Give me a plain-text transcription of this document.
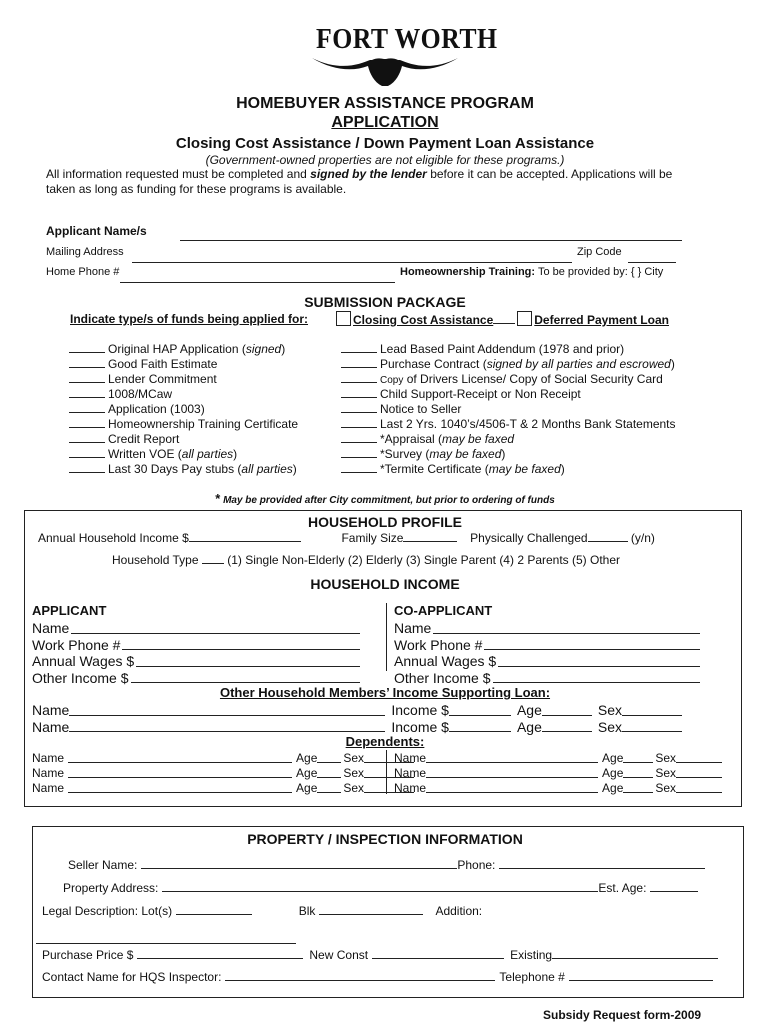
FORT WORTH
HOMEBUYER ASSISTANCE PROGRAM
APPLICATION
Closing Cost Assistance / Down Payment Loan Assistance
(Government-owned properties are not eligible for these programs.)
All information requested must be completed and signed by the lender before it can be accepted. Applications will be
taken as long as funding for these programs is available.
Applicant Name/s
Mailing Address	Zip Code
Home Phone #	Homeownership Training: To be provided by: { } City
SUBMISSION PACKAGE
Indicate type/s of funds being applied for:	Closing Cost Assistance	Deferred Payment Loan
Original HAP Application (signed)
Good Faith Estimate
Lender Commitment
1008/MCaw
Application (1003)
Homeownership Training Certificate
Credit Report
Written VOE (all parties)
Last 30 Days Pay stubs (all parties)
Lead Based Paint Addendum (1978 and prior)
Purchase Contract (signed by all parties and escrowed)
Copy of Drivers License/ Copy of Social Security Card
Child Support-Receipt or Non Receipt
Notice to Seller
Last 2 Yrs. 1040’s/4506-T & 2 Months Bank Statements
*Appraisal (may be faxed
*Survey (may be faxed)
*Termite Certificate (may be faxed)
* May be provided after City commitment, but prior to ordering of funds
HOUSEHOLD PROFILE
Annual Household Income $	Family Size	Physically Challenged	(y/n)
Household Type (1) Single Non-Elderly (2) Elderly (3) Single Parent (4) 2 Parents (5) Other
HOUSEHOLD INCOME
APPLICANT	CO-APPLICANT
Name	Name
Work Phone #	Work Phone #
Annual Wages $	Annual Wages $
Other Income $	Other Income $
Other Household Members’ Income Supporting Loan:
Name	Income $	Age	Sex
Name	Income $	Age	Sex
Dependents:
Name	Age Sex Name	Age	Sex
Name	Age Sex Name	Age	Sex
Name	Age Sex Name	Age	Sex
PROPERTY / INSPECTION INFORMATION
Seller Name:	Phone:
Property Address:	Est. Age:
Legal Description: Lot(s)	Blk	Addition:
Purchase Price $	New Const	Existing
Contact Name for HQS Inspector:	Telephone #
Subsidy Request form-2009
